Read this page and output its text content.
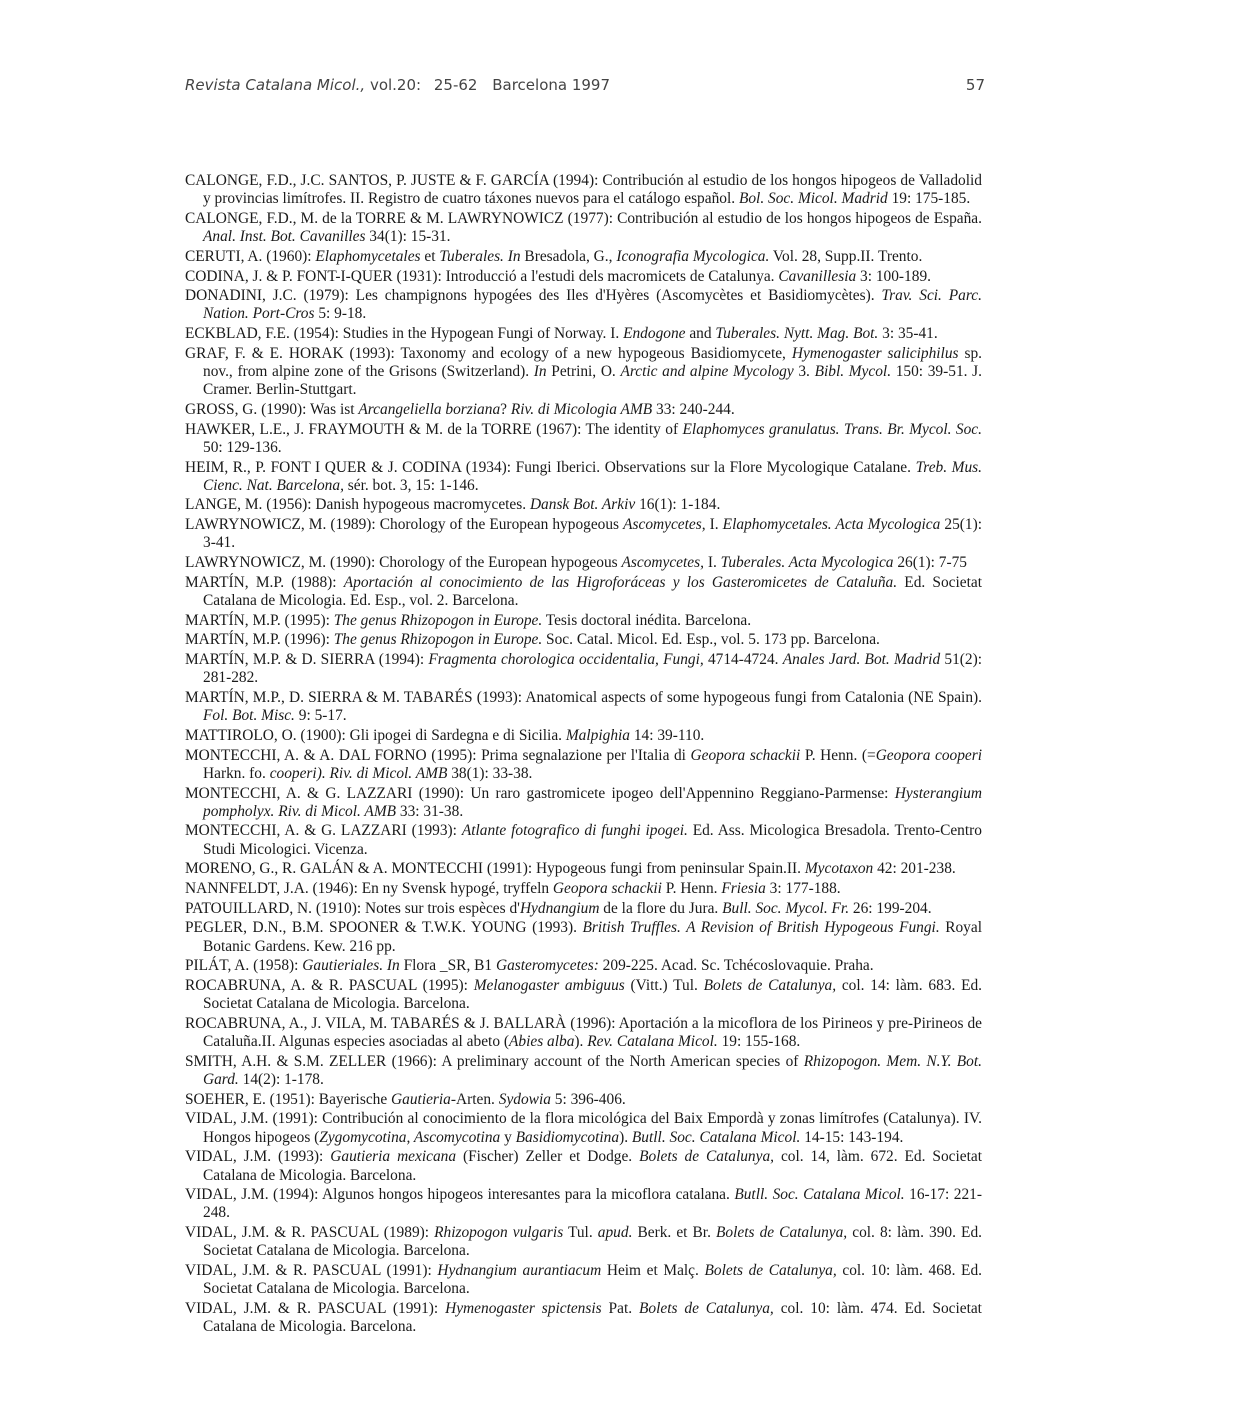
Revista Catalana Micol., vol.20: 25-62 Barcelona 1997	57

CALONGE, F.D., J.C. SANTOS, P. JUSTE & F. GARCÍA (1994): Contribución al estudio de los hongos hipogeos de Valladolid y provincias limítrofes. II. Registro de cuatro táxones nuevos para el catálogo español. Bol. Soc. Micol. Madrid 19: 175-185.

CALONGE, F.D., M. de la TORRE & M. LAWRYNOWICZ (1977): Contribución al estudio de los hongos hipogeos de España. Anal. Inst. Bot. Cavanilles 34(1): 15-31.

CERUTI, A. (1960): Elaphomycetales et Tuberales. In Bresadola, G., Iconografia Mycologica. Vol. 28, Supp.II. Trento.

CODINA, J. & P. FONT-I-QUER (1931): Introducció a l'estudi dels macromicets de Catalunya. Cavanillesia 3: 100-189.

DONADINI, J.C. (1979): Les champignons hypogées des Iles d'Hyères (Ascomycètes et Basidiomycètes). Trav. Sci. Parc. Nation. Port-Cros 5: 9-18.

ECKBLAD, F.E. (1954): Studies in the Hypogean Fungi of Norway. I. Endogone and Tuberales. Nytt. Mag. Bot. 3: 35-41.

GRAF, F. & E. HORAK (1993): Taxonomy and ecology of a new hypogeous Basidiomycete, Hymenogaster saliciphilus sp. nov., from alpine zone of the Grisons (Switzerland). In Petrini, O. Arctic and alpine Mycology 3. Bibl. Mycol. 150: 39-51. J. Cramer. Berlin-Stuttgart.

GROSS, G. (1990): Was ist Arcangeliella borziana? Riv. di Micologia AMB 33: 240-244.

HAWKER, L.E., J. FRAYMOUTH & M. de la TORRE (1967): The identity of Elaphomyces granulatus. Trans. Br. Mycol. Soc. 50: 129-136.

HEIM, R., P. FONT I QUER & J. CODINA (1934): Fungi Iberici. Observations sur la Flore Mycologique Catalane. Treb. Mus. Cienc. Nat. Barcelona, sér. bot. 3, 15: 1-146.

LANGE, M. (1956): Danish hypogeous macromycetes. Dansk Bot. Arkiv 16(1): 1-184.

LAWRYNOWICZ, M. (1989): Chorology of the European hypogeous Ascomycetes, I. Elaphomycetales. Acta Mycologica 25(1): 3-41.

LAWRYNOWICZ, M. (1990): Chorology of the European hypogeous Ascomycetes, I. Tuberales. Acta Mycologica 26(1): 7-75

MARTÍN, M.P. (1988): Aportación al conocimiento de las Higroforáceas y los Gasteromicetes de Cataluña. Ed. Societat Catalana de Micologia. Ed. Esp., vol. 2. Barcelona.

MARTÍN, M.P. (1995): The genus Rhizopogon in Europe. Tesis doctoral inédita. Barcelona.

MARTÍN, M.P. (1996): The genus Rhizopogon in Europe. Soc. Catal. Micol. Ed. Esp., vol. 5. 173 pp. Barcelona.

MARTÍN, M.P. & D. SIERRA (1994): Fragmenta chorologica occidentalia, Fungi, 4714-4724. Anales Jard. Bot. Madrid 51(2): 281-282.

MARTÍN, M.P., D. SIERRA & M. TABARÉS (1993): Anatomical aspects of some hypogeous fungi from Catalonia (NE Spain). Fol. Bot. Misc. 9: 5-17.

MATTIROLO, O. (1900): Gli ipogei di Sardegna e di Sicilia. Malpighia 14: 39-110.

MONTECCHI, A. & A. DAL FORNO (1995): Prima segnalazione per l'Italia di Geopora schackii P. Henn. (=Geopora cooperi Harkn. fo. cooperi). Riv. di Micol. AMB 38(1): 33-38.

MONTECCHI, A. & G. LAZZARI (1990): Un raro gastromicete ipogeo dell'Appennino Reggiano-Parmense: Hysterangium pompholyx. Riv. di Micol. AMB 33: 31-38.

MONTECCHI, A. & G. LAZZARI (1993): Atlante fotografico di funghi ipogei. Ed. Ass. Micologica Bresadola. Trento-Centro Studi Micologici. Vicenza.

MORENO, G., R. GALÁN & A. MONTECCHI (1991): Hypogeous fungi from peninsular Spain.II. Mycotaxon 42: 201-238.

NANNFELDT, J.A. (1946): En ny Svensk hypogé, tryffeln Geopora schackii P. Henn. Friesia 3: 177-188.

PATOUILLARD, N. (1910): Notes sur trois espèces d'Hydnangium de la flore du Jura. Bull. Soc. Mycol. Fr. 26: 199-204.

PEGLER, D.N., B.M. SPOONER & T.W.K. YOUNG (1993). British Truffles. A Revision of British Hypogeous Fungi. Royal Botanic Gardens. Kew. 216 pp.

PILÁT, A. (1958): Gautieriales. In Flora _SR, B1 Gasteromycetes: 209-225. Acad. Sc. Tchécoslovaquie. Praha.

ROCABRUNA, A. & R. PASCUAL (1995): Melanogaster ambiguus (Vitt.) Tul. Bolets de Catalunya, col. 14: làm. 683. Ed. Societat Catalana de Micologia. Barcelona.

ROCABRUNA, A., J. VILA, M. TABARÉS & J. BALLARÀ (1996): Aportación a la micoflora de los Pirineos y pre-Pirineos de Cataluña.II. Algunas especies asociadas al abeto (Abies alba). Rev. Catalana Micol. 19: 155-168.

SMITH, A.H. & S.M. ZELLER (1966): A preliminary account of the North American species of Rhizopogon. Mem. N.Y. Bot. Gard. 14(2): 1-178.

SOEHER, E. (1951): Bayerische Gautieria-Arten. Sydowia 5: 396-406.

VIDAL, J.M. (1991): Contribución al conocimiento de la flora micológica del Baix Empordà y zonas limítrofes (Catalunya). IV. Hongos hipogeos (Zygomycotina, Ascomycotina y Basidiomycotina). Butll. Soc. Catalana Micol. 14-15: 143-194.

VIDAL, J.M. (1993): Gautieria mexicana (Fischer) Zeller et Dodge. Bolets de Catalunya, col. 14, làm. 672. Ed. Societat Catalana de Micologia. Barcelona.

VIDAL, J.M. (1994): Algunos hongos hipogeos interesantes para la micoflora catalana. Butll. Soc. Catalana Micol. 16-17: 221-248.

VIDAL, J.M. & R. PASCUAL (1989): Rhizopogon vulgaris Tul. apud. Berk. et Br. Bolets de Catalunya, col. 8: làm. 390. Ed. Societat Catalana de Micologia. Barcelona.

VIDAL, J.M. & R. PASCUAL (1991): Hydnangium aurantiacum Heim et Malç. Bolets de Catalunya, col. 10: làm. 468. Ed. Societat Catalana de Micologia. Barcelona.

VIDAL, J.M. & R. PASCUAL (1991): Hymenogaster spictensis Pat. Bolets de Catalunya, col. 10: làm. 474. Ed. Societat Catalana de Micologia. Barcelona.
